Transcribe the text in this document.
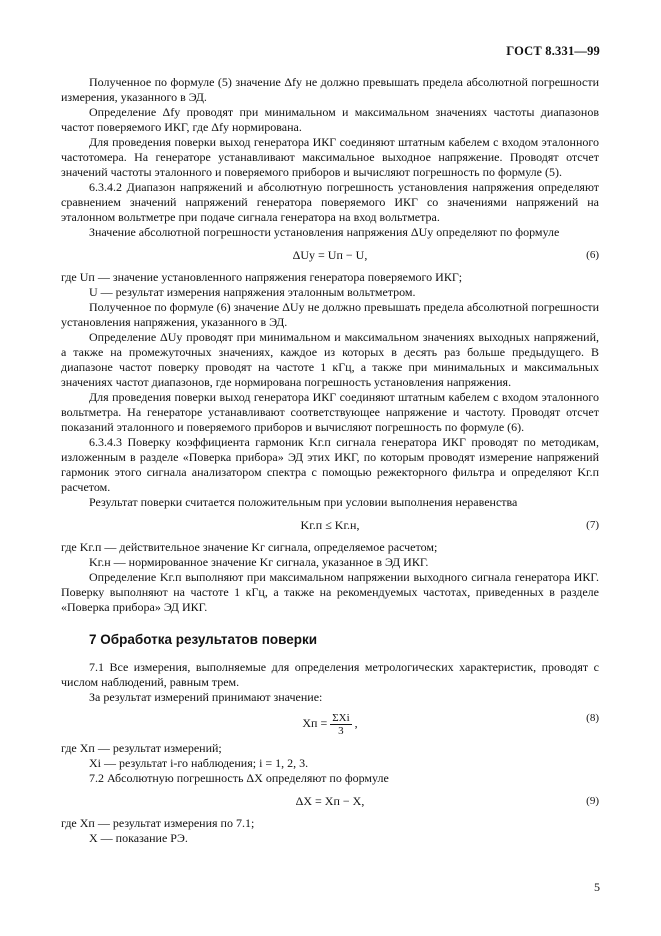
ГОСТ 8.331—99

Полученное по формуле (5) значение Δfу не должно превышать предела абсолютной погрешности измерения, указанного в ЭД.

Определение Δfу проводят при минимальном и максимальном значениях частоты диапазонов частот поверяемого ИКГ, где Δfу нормирована.

Для проведения поверки выход генератора ИКГ соединяют штатным кабелем с входом эталонного частотомера. На генераторе устанавливают максимальное выходное напряжение. Проводят отсчет значений частоты эталонного и поверяемого приборов и вычисляют погрешность по формуле (5).

6.3.4.2 Диапазон напряжений и абсолютную погрешность установления напряжения определяют сравнением значений напряжений генератора поверяемого ИКГ со значениями напряжений на эталонном вольтметре при подаче сигнала генератора на вход вольтметра.

Значение абсолютной погрешности установления напряжения ΔUу определяют по формуле

ΔUу = Uп − U,	(6)

где Uп — значение установленного напряжения генератора поверяемого ИКГ;

U — результат измерения напряжения эталонным вольтметром.

Полученное по формуле (6) значение ΔUу не должно превышать предела абсолютной погрешности установления напряжения, указанного в ЭД.

Определение ΔUу проводят при минимальном и максимальном значениях выходных напряжений, а также на промежуточных значениях, каждое из которых в десять раз больше предыдущего. В диапазоне частот поверку проводят на частоте 1 кГц, а также при минимальных и максимальных значениях частот диапазонов, где нормирована погрешность установления напряжения.

Для проведения поверки выход генератора ИКГ соединяют штатным кабелем с входом эталонного вольтметра. На генераторе устанавливают соответствующее напряжение и частоту. Проводят отсчет показаний эталонного и поверяемого приборов и вычисляют погрешность по формуле (6).

6.3.4.3 Поверку коэффициента гармоник Kг.п сигнала генератора ИКГ проводят по методикам, изложенным в разделе «Поверка прибора» ЭД этих ИКГ, по которым проводят измерение напряжений гармоник этого сигнала анализатором спектра с помощью режекторного фильтра и определяют Kг.п расчетом.

Результат поверки считается положительным при условии выполнения неравенства

Kг.п ≤ Kг.н,	(7)

где Kг.п — действительное значение Kг сигнала, определяемое расчетом;

Kг.н — нормированное значение Kг сигнала, указанное в ЭД ИКГ.

Определение Kг.п выполняют при максимальном напряжении выходного сигнала генератора ИКГ. Поверку выполняют на частоте 1 кГц, а также на рекомендуемых частотах, приведенных в разделе «Поверка прибора» ЭД ИКГ.

7 Обработка результатов поверки

7.1 Все измерения, выполняемые для определения метрологических характеристик, проводят с числом наблюдений, равным трем.

За результат измерений принимают значение:

Xп = $\frac{\text{ΣXi}}{3}$ ,	(8)

где Xп — результат измерений;

Xi — результат i-го наблюдения; i = 1, 2, 3.

7.2 Абсолютную погрешность ΔX определяют по формуле

ΔX = Xп − X,	(9)

где Xп — результат измерения по 7.1;

X — показание РЭ.

5
